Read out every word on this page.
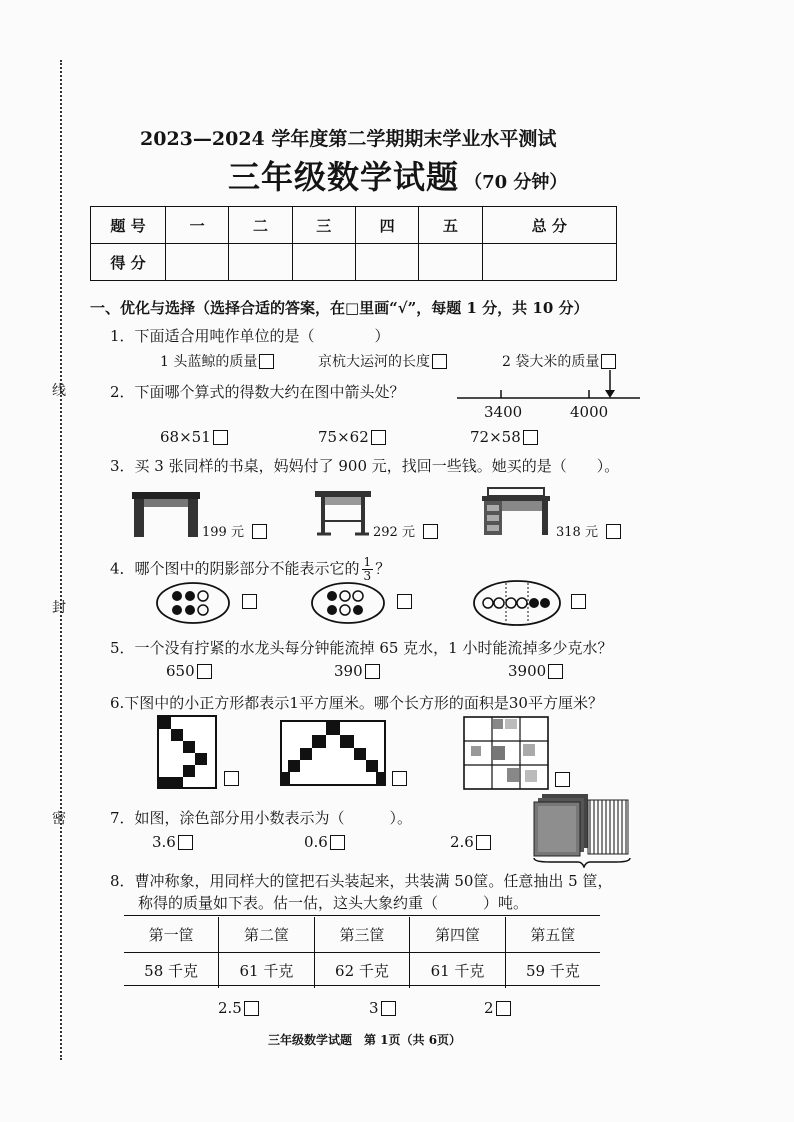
线
封
密
2023—2024 学年度第二学期期末学业水平测试
三年级数学试题 （70 分钟）
题 号	一	二	三	四	五	总 分
得 分						
一、优化与选择（选择合适的答案，在□里画“√”，每题 1 分，共 10 分）
1．下面适合用吨作单位的是（　　　　）
1 头蓝鲸的质量	京杭大运河的长度	2 袋大米的质量
2．下面哪个算式的得数大约在图中箭头处？
3400	4000
68×51	75×62	72×58
3．买 3 张同样的书桌，妈妈付了 900 元，找回一些钱。她买的是（　　）。
199 元	292 元	318 元
4．哪个图中的阴影部分不能表示它的 $\frac{1}{3}$ ？
5．一个没有拧紧的水龙头每分钟能流掉 65 克水，1 小时能流掉多少克水？
650	390	3900
6.下图中的小正方形都表示1平方厘米。哪个长方形的面积是30平方厘米？
7．如图，涂色部分用小数表示为（　　　）。
3.6	0.6	2.6
8．曹冲称象，用同样大的筐把石头装起来，共装满 50筐。任意抽出 5 筐，
称得的质量如下表。估一估，这头大象约重（　　　）吨。
第一筐	第二筐	第三筐	第四筐	第五筐
58 千克	61 千克	62 千克	61 千克	59 千克
2.5	3	2
三年级数学试题　第 1页（共 6页）
